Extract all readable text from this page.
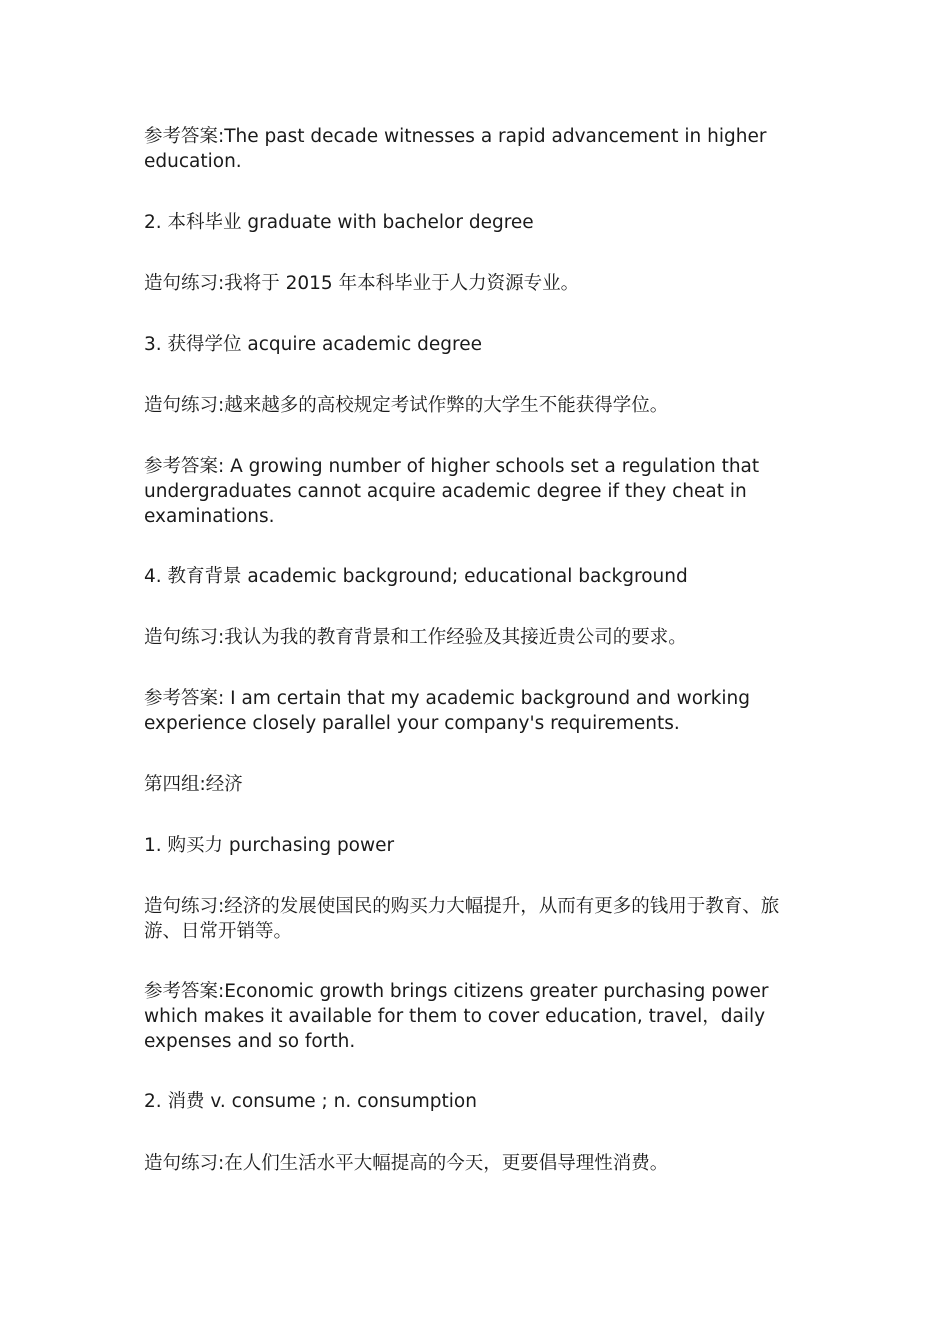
参考答案:The past decade witnesses a rapid advancement in higher education.

2. 本科毕业 graduate with bachelor degree

造句练习:我将于 2015 年本科毕业于人力资源专业。

3. 获得学位 acquire academic degree

造句练习:越来越多的高校规定考试作弊的大学生不能获得学位。

参考答案: A growing number of higher schools set a regulation that undergraduates cannot acquire academic degree if they cheat in examinations.

4. 教育背景 academic background; educational background

造句练习:我认为我的教育背景和工作经验及其接近贵公司的要求。

参考答案: I am certain that my academic background and working experience closely parallel your company's requirements.

第四组:经济

1. 购买力 purchasing power

造句练习:经济的发展使国民的购买力大幅提升，从而有更多的钱用于教育、旅游、日常开销等。

参考答案:Economic growth brings citizens greater purchasing power which makes it available for them to cover education, travel，daily expenses and so forth.

2. 消费 v. consume ; n. consumption

造句练习:在人们生活水平大幅提高的今天，更要倡导理性消费。
